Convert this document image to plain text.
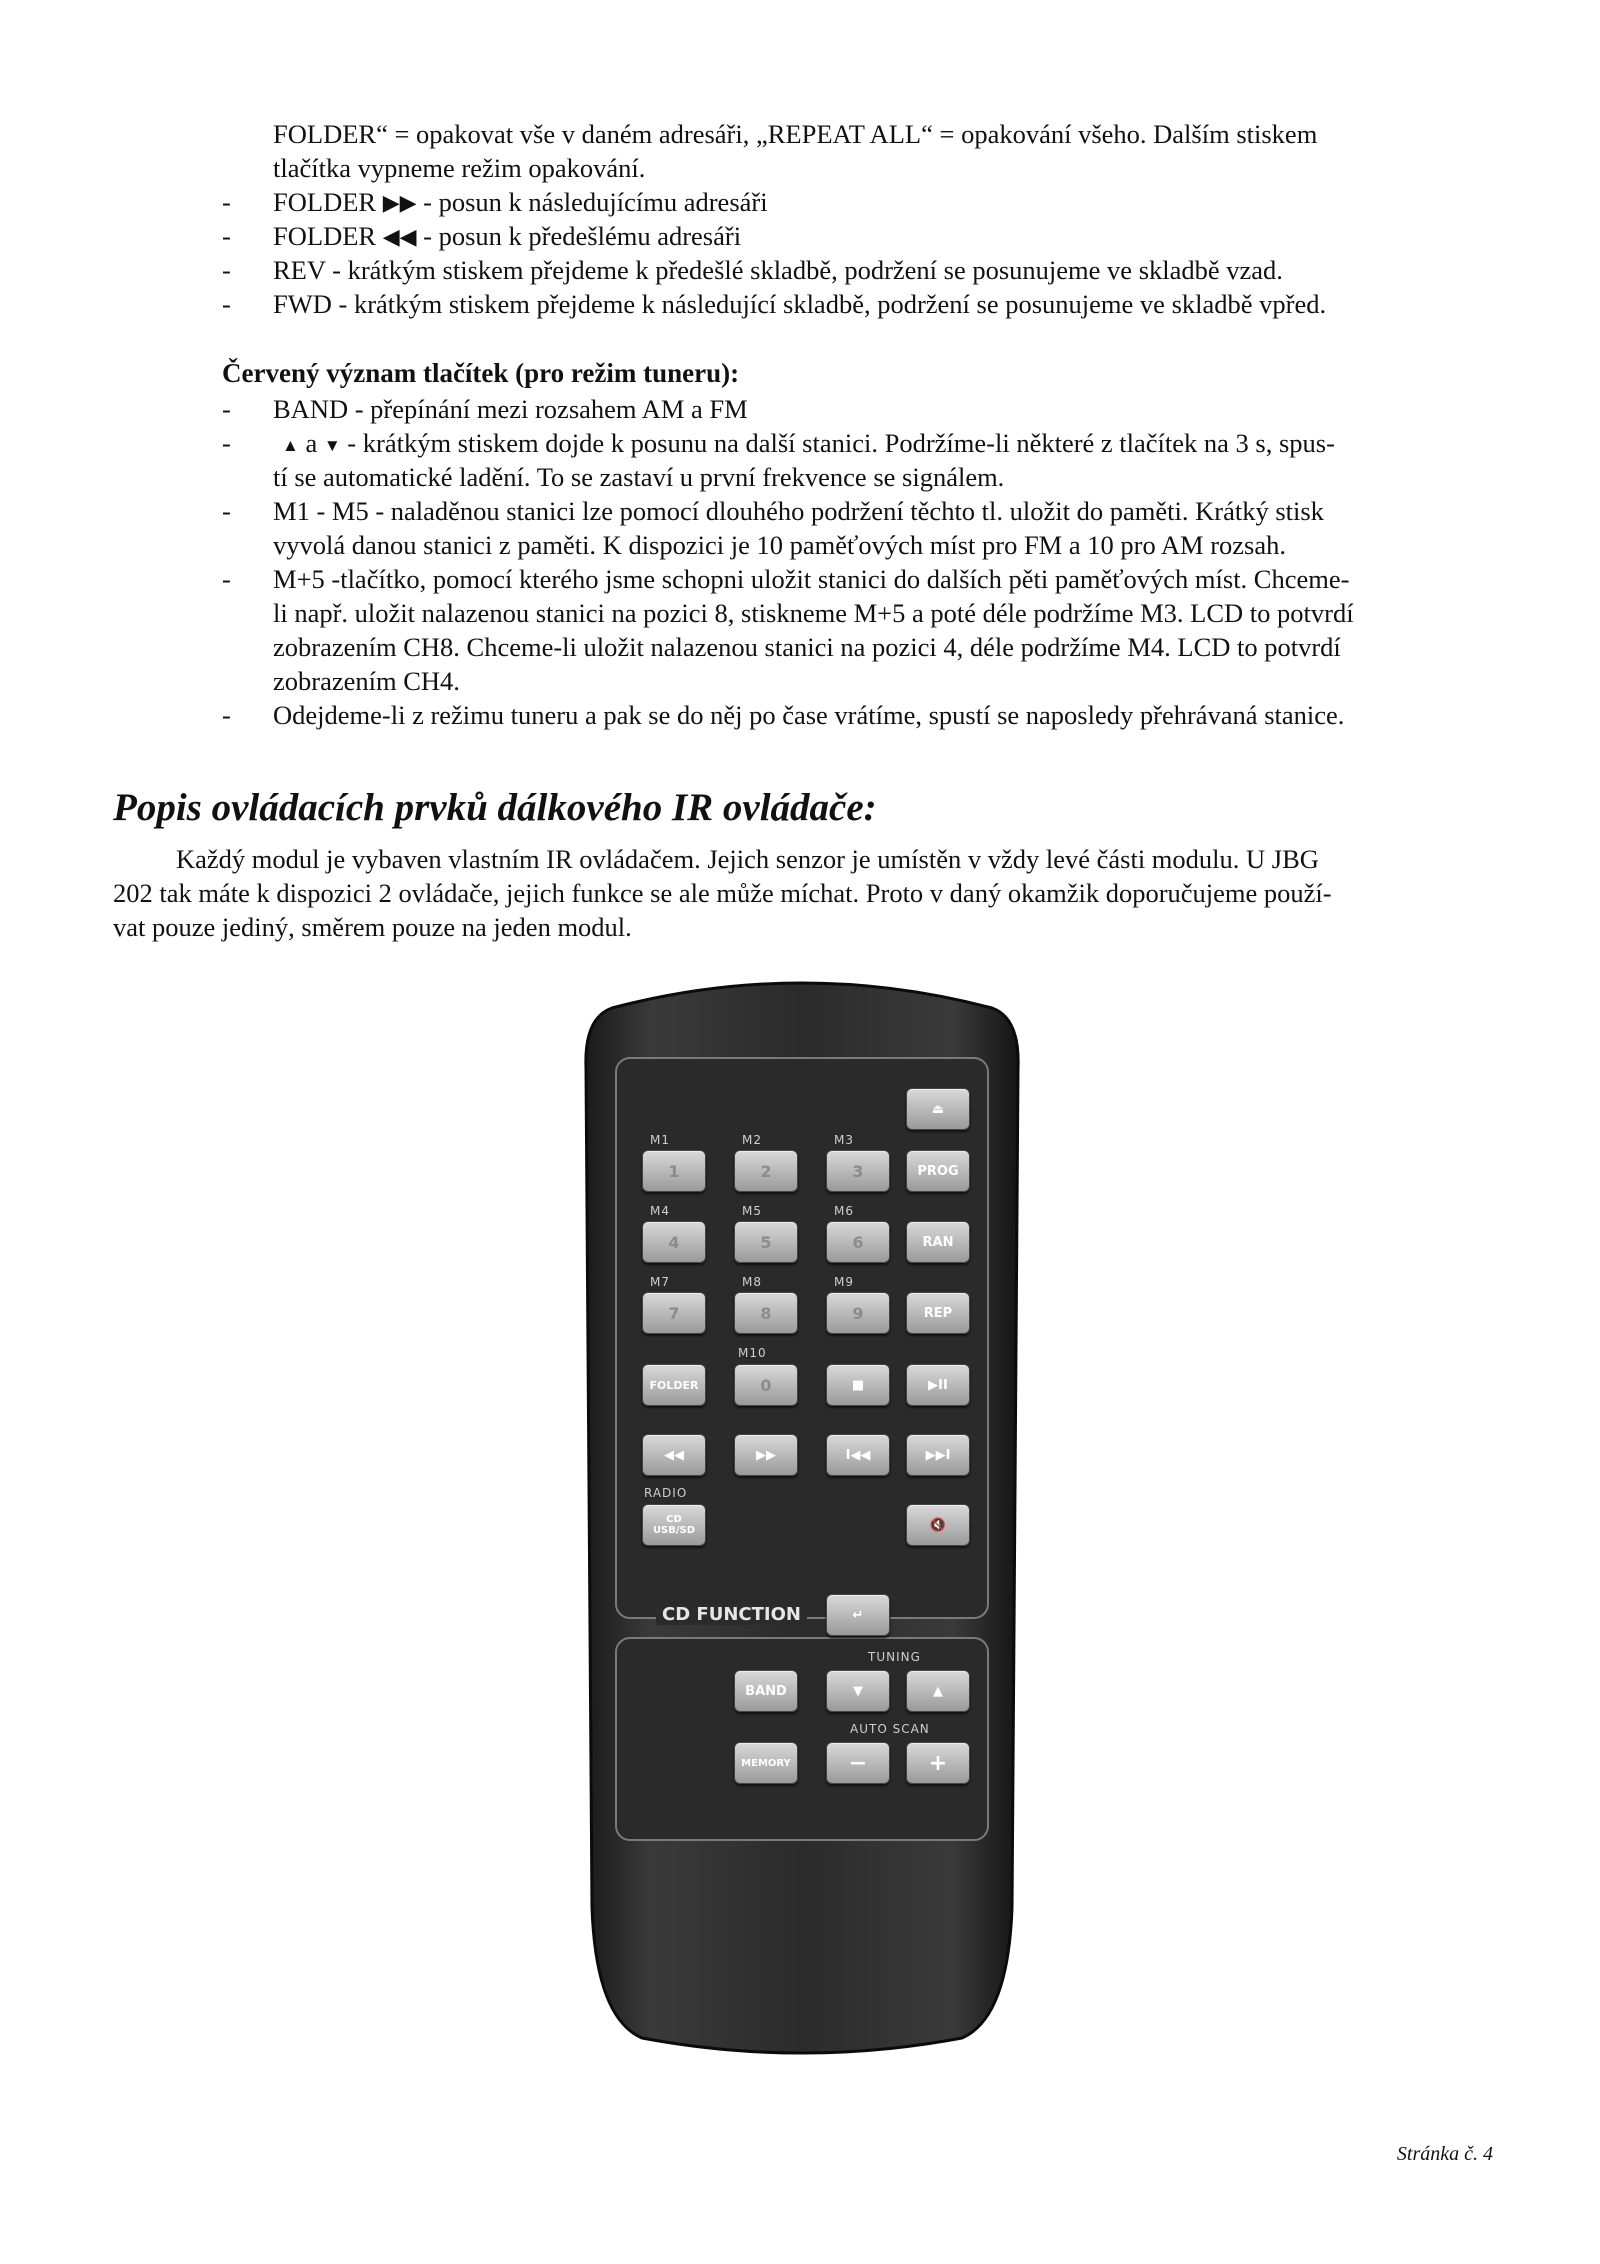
FOLDER“ = opakovat vše v daném adresáři, „REPEAT ALL“ = opakování všeho. Dalším stiskem
tlačítka vypneme režim opakování.
-	FOLDER ▶▶ - posun k následujícímu adresáři
-	FOLDER ◀◀ - posun k předešlému adresáři
-	REV - krátkým stiskem přejdeme k předešlé skladbě, podržení se posunujeme ve skladbě vzad.
-	FWD - krátkým stiskem přejdeme k následující skladbě, podržení se posunujeme ve skladbě vpřed.
Červený význam tlačítek (pro režim tuneru):
-	BAND - přepínání mezi rozsahem AM a FM
-	▲ a ▼ - krátkým stiskem dojde k posunu na další stanici. Podržíme-li některé z tlačítek na 3 s, spus-
tí se automatické ladění. To se zastaví u první frekvence se signálem.
-	M1 - M5 - naladěnou stanici lze pomocí dlouhého podržení těchto tl. uložit do paměti. Krátký stisk
vyvolá danou stanici z paměti. K dispozici je 10 paměťových míst pro FM a 10 pro AM rozsah.
-	M+5 -tlačítko, pomocí kterého jsme schopni uložit stanici do dalších pěti paměťových míst. Chceme-
li např. uložit nalazenou stanici na pozici 8, stiskneme M+5 a poté déle podržíme M3. LCD to potvrdí
zobrazením CH8. Chceme-li uložit nalazenou stanici na pozici 4, déle podržíme M4. LCD to potvrdí
zobrazením CH4.
-	Odejdeme-li z režimu tuneru a pak se do něj po čase vrátíme, spustí se naposledy přehrávaná stanice.
Popis ovládacích prvků dálkového IR ovládače:
Každý modul je vybaven vlastním IR ovládačem. Jejich senzor je umístěn v vždy levé části modulu. U JBG
202 tak máte k dispozici 2 ovládače, jejich funkce se ale může míchat. Proto v daný okamžik doporučujeme použí-
vat pouze jediný, směrem pouze na jeden modul.
⏏
M1	M2	M3
1	2	3	PROG
M4	M5	M6
4	5	6	RAN
M7	M8	M9
7	8	9	REP
M10
FOLDER	0	■	▶II
◀◀	▶▶	I◀◀	▶▶I
RADIO
CD
USB/SD	🔇
CD FUNCTION	↵
TUNING
BAND	▼	▲
AUTO SCAN
MEMORY	−	+
Stránka č. 4
